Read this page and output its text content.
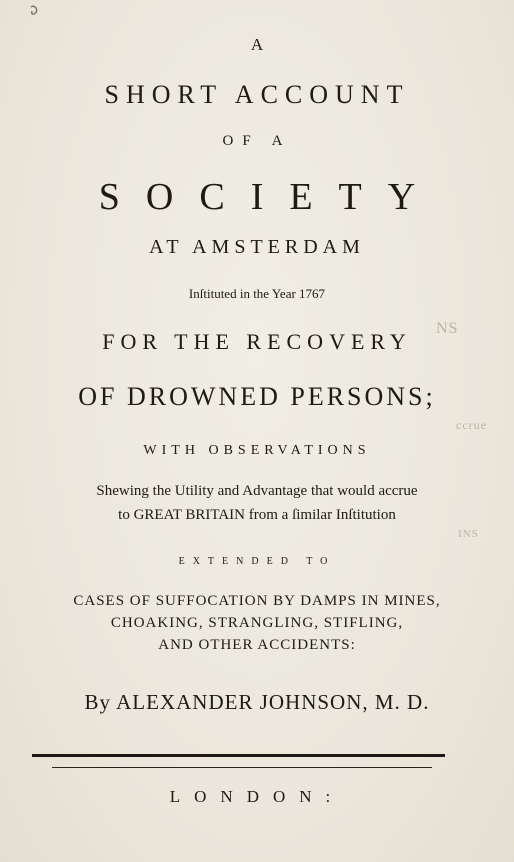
A
SHORT ACCOUNT
OF A
SOCIETY
AT AMSTERDAM
Inſtituted in the Year 1767
FOR THE RECOVERY
OF DROWNED PERSONS;
WITH OBSERVATIONS
Shewing the Utility and Advantage that would accrue
to GREAT BRITAIN from a ſimilar Inſtitution
EXTENDED TO
CASES OF SUFFOCATION BY DAMPS IN MINES,
CHOAKING, STRANGLING, STIFLING,
AND OTHER ACCIDENTS:
By ALEXANDER JOHNSON, M. D.
LONDON:
NS
ccrue
INS
